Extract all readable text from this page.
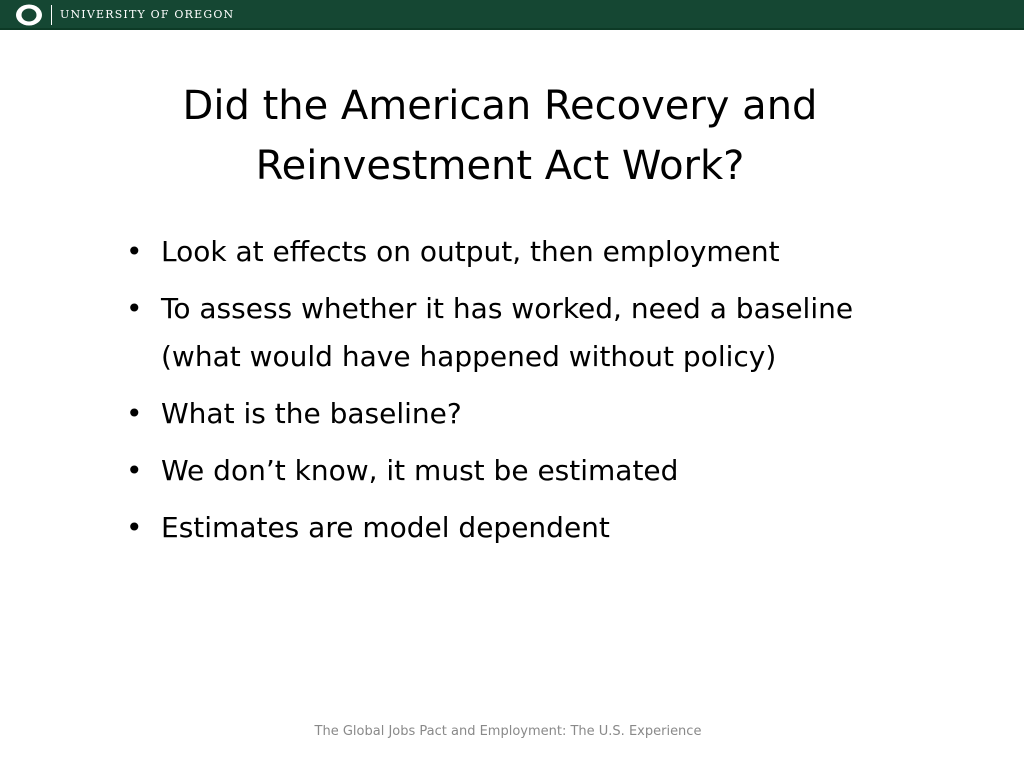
UNIVERSITY OF OREGON
Did the American Recovery and Reinvestment Act Work?
• Look at effects on output, then employment
• To assess whether it has worked, need a baseline (what would have happened without policy)
• What is the baseline?
• We don’t know, it must be estimated
• Estimates are model dependent
The Global Jobs Pact and Employment: The U.S. Experience
